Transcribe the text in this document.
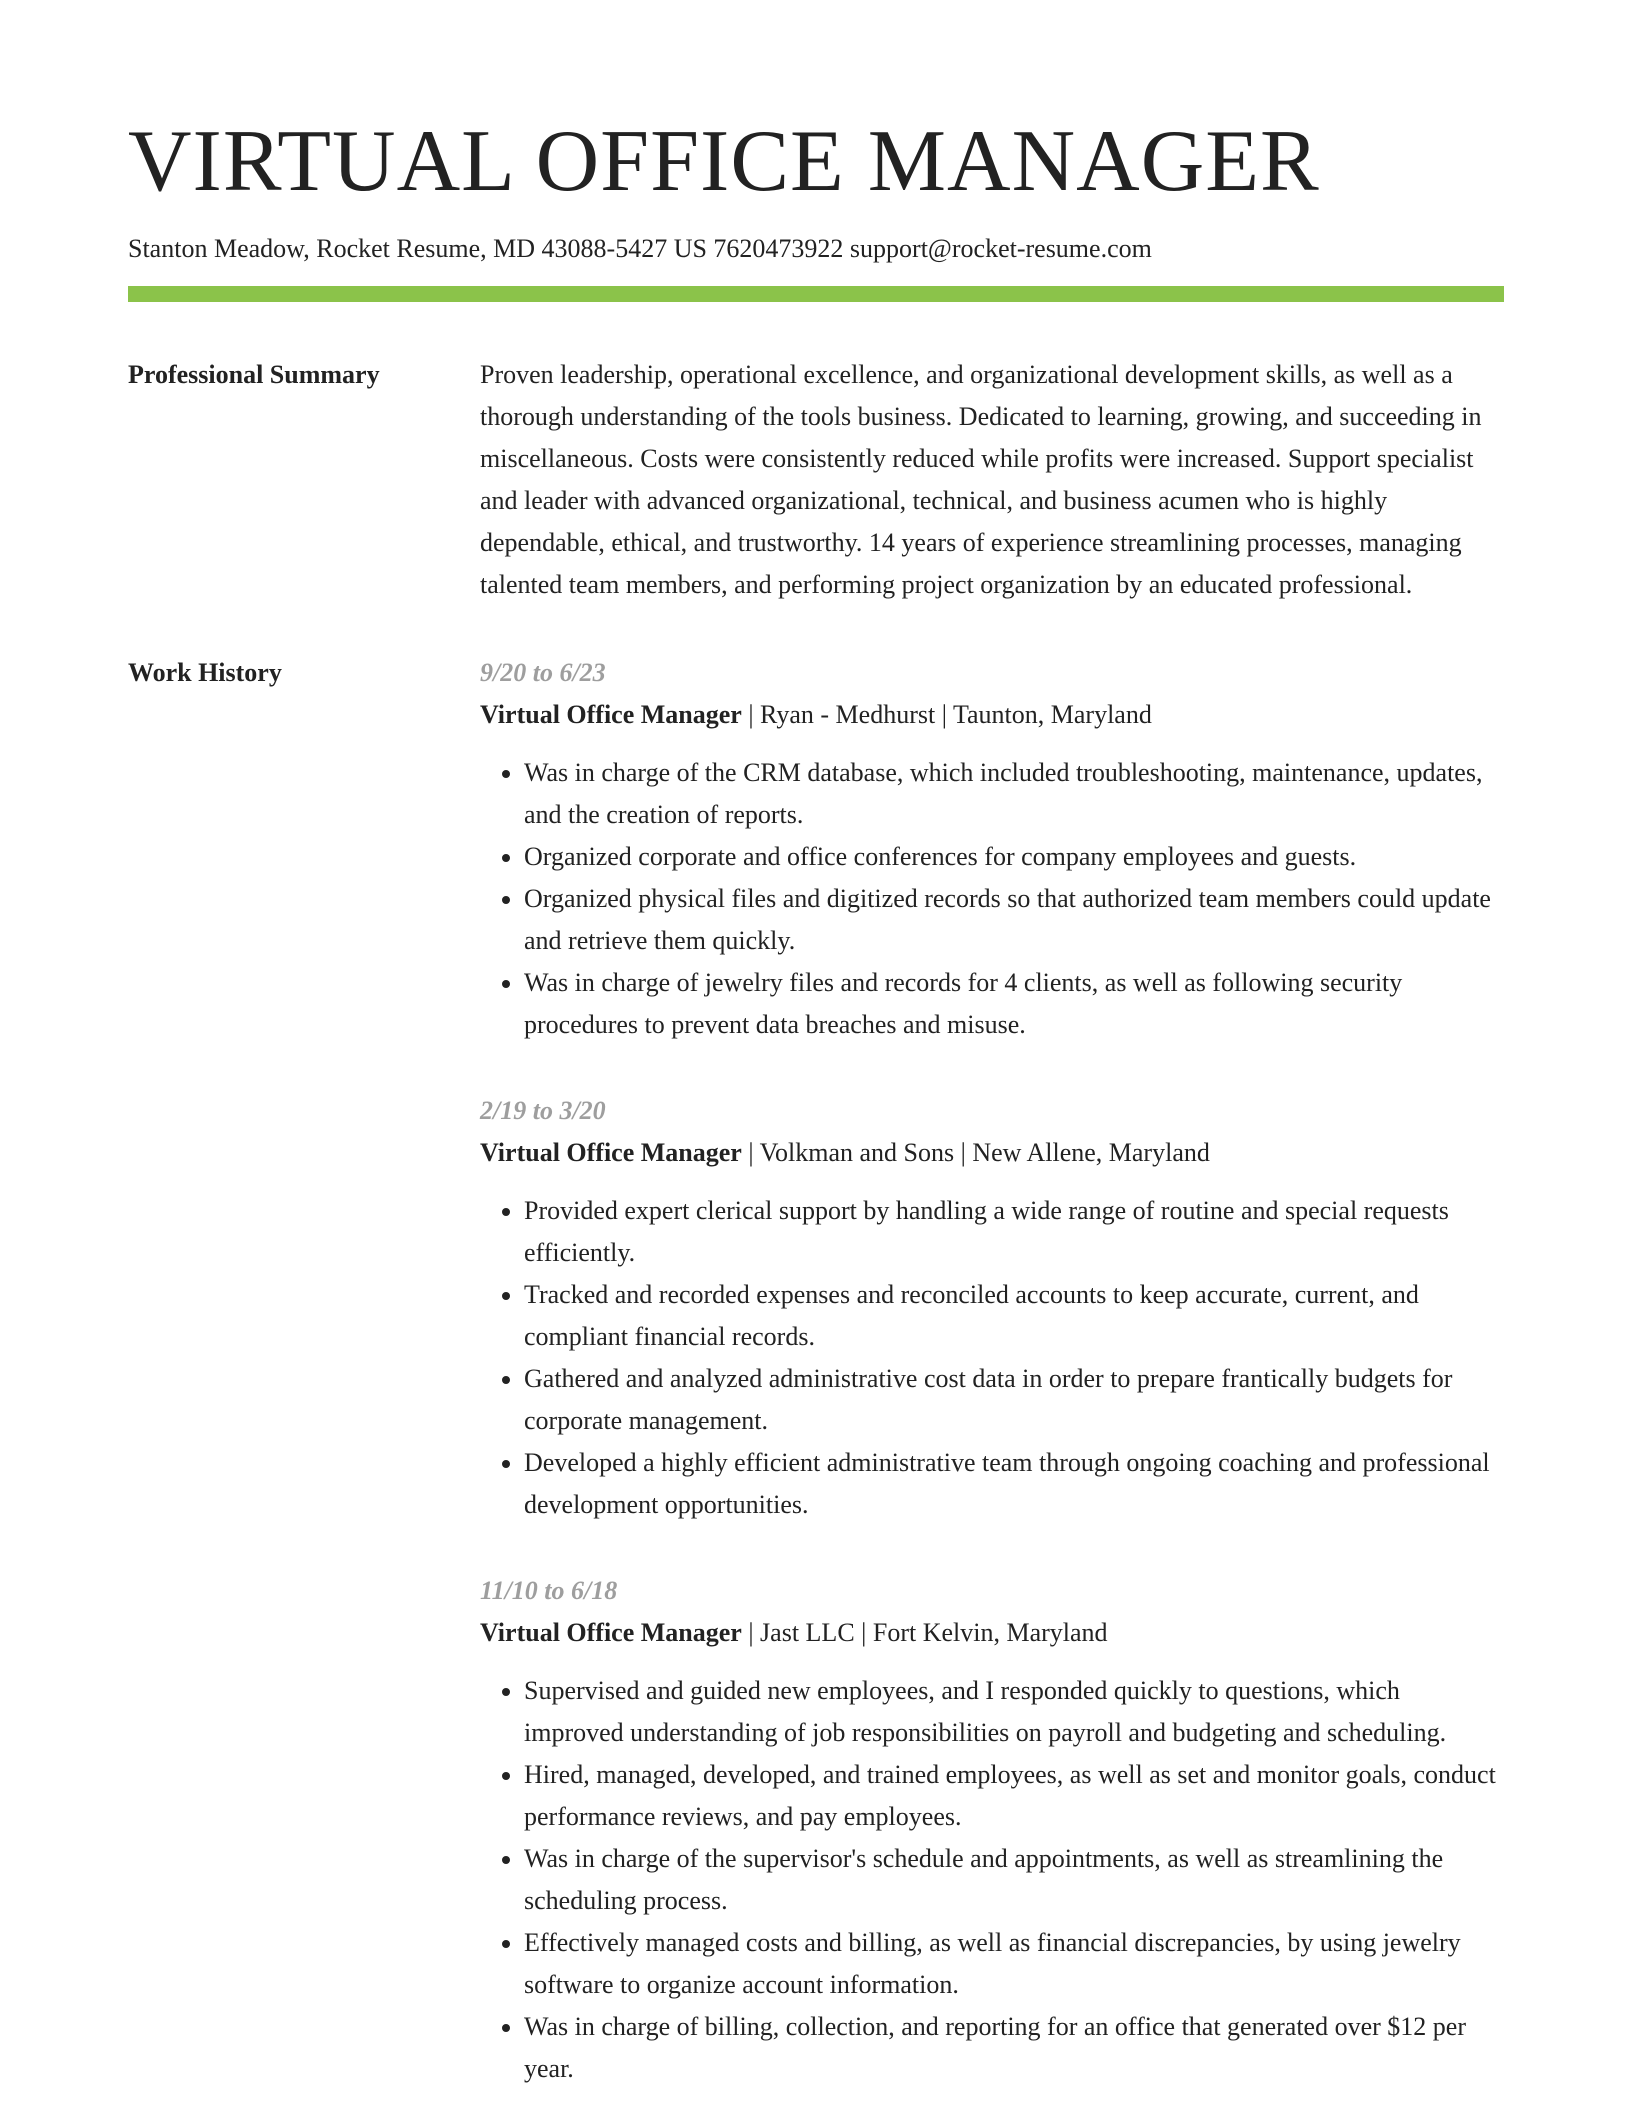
VIRTUAL OFFICE MANAGER
Stanton Meadow, Rocket Resume, MD 43088-5427 US 7620473922 support@rocket-resume.com
Professional Summary	Proven leadership, operational excellence, and organizational development skills, as well as a thorough understanding of the tools business. Dedicated to learning, growing, and succeeding in miscellaneous. Costs were consistently reduced while profits were increased. Support specialist and leader with advanced organizational, technical, and business acumen who is highly dependable, ethical, and trustworthy. 14 years of experience streamlining processes, managing talented team members, and performing project organization by an educated professional.

Work History	9/20 to 6/23
Virtual Office Manager | Ryan - Medhurst | Taunton, Maryland
• Was in charge of the CRM database, which included troubleshooting, maintenance, updates, and the creation of reports.
• Organized corporate and office conferences for company employees and guests.
• Organized physical files and digitized records so that authorized team members could update and retrieve them quickly.
• Was in charge of jewelry files and records for 4 clients, as well as following security procedures to prevent data breaches and misuse.
2/19 to 3/20
Virtual Office Manager | Volkman and Sons | New Allene, Maryland
• Provided expert clerical support by handling a wide range of routine and special requests efficiently.
• Tracked and recorded expenses and reconciled accounts to keep accurate, current, and compliant financial records.
• Gathered and analyzed administrative cost data in order to prepare frantically budgets for corporate management.
• Developed a highly efficient administrative team through ongoing coaching and professional development opportunities.
11/10 to 6/18
Virtual Office Manager | Jast LLC | Fort Kelvin, Maryland
• Supervised and guided new employees, and I responded quickly to questions, which improved understanding of job responsibilities on payroll and budgeting and scheduling.
• Hired, managed, developed, and trained employees, as well as set and monitor goals, conduct performance reviews, and pay employees.
• Was in charge of the supervisor's schedule and appointments, as well as streamlining the scheduling process.
• Effectively managed costs and billing, as well as financial discrepancies, by using jewelry software to organize account information.
• Was in charge of billing, collection, and reporting for an office that generated over $12 per year.
